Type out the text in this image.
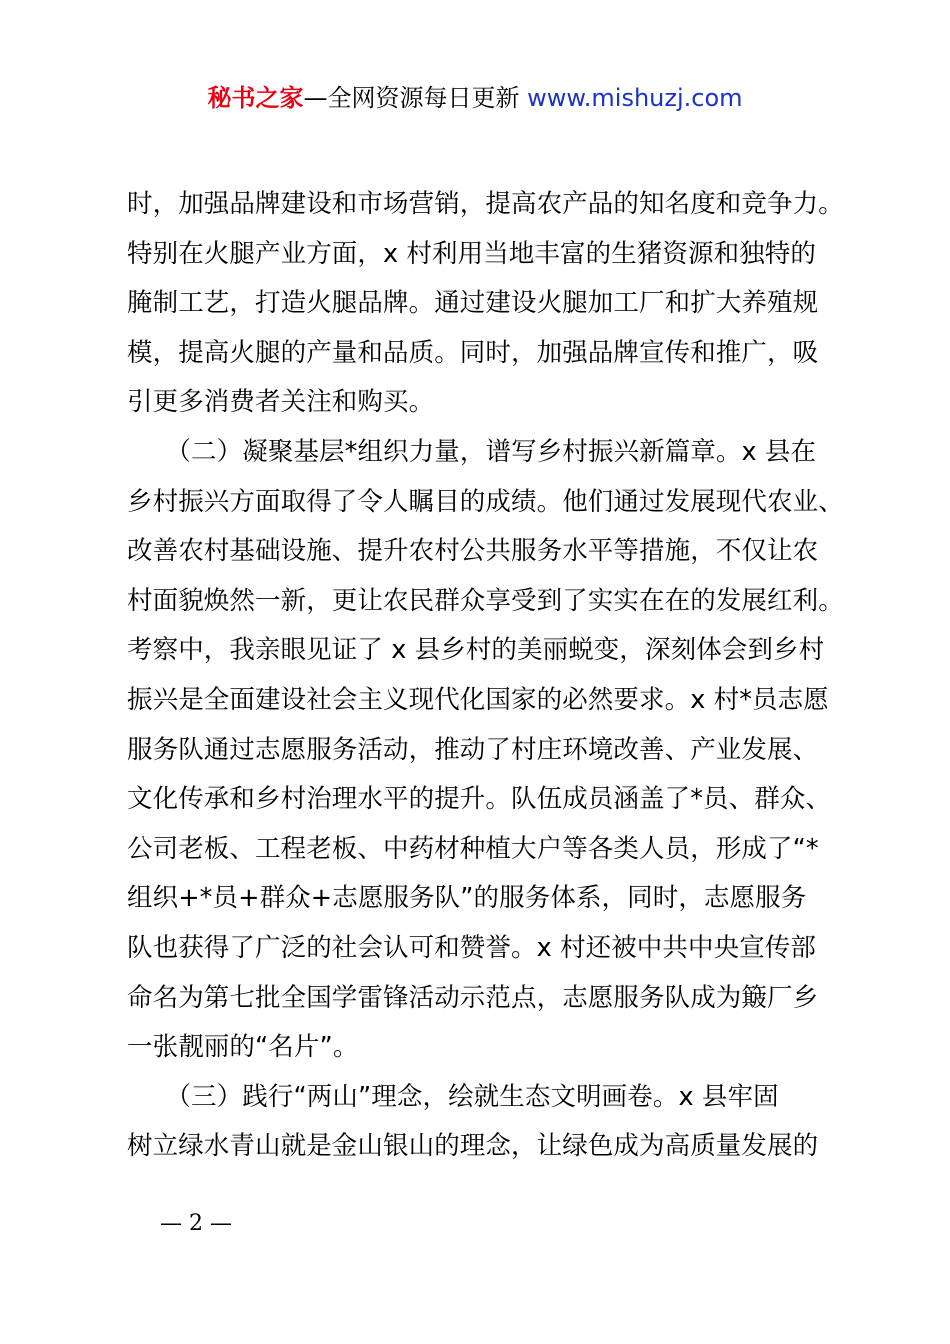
秘书之家—全网资源每日更新 www.mishuzj.com
时，加强品牌建设和市场营销，提高农产品的知名度和竞争力。
特别在火腿产业方面，x 村利用当地丰富的生猪资源和独特的
腌制工艺，打造火腿品牌。通过建设火腿加工厂和扩大养殖规
模，提高火腿的产量和品质。同时，加强品牌宣传和推广，吸
引更多消费者关注和购买。
　　（二）凝聚基层*组织力量，谱写乡村振兴新篇章。x 县在
乡村振兴方面取得了令人瞩目的成绩。他们通过发展现代农业、
改善农村基础设施、提升农村公共服务水平等措施，不仅让农
村面貌焕然一新，更让农民群众享受到了实实在在的发展红利。
考察中，我亲眼见证了 x 县乡村的美丽蜕变，深刻体会到乡村
振兴是全面建设社会主义现代化国家的必然要求。x 村*员志愿
服务队通过志愿服务活动，推动了村庄环境改善、产业发展、
文化传承和乡村治理水平的提升。队伍成员涵盖了*员、群众、
公司老板、工程老板、中药材种植大户等各类人员，形成了“*
组织+*员+群众+志愿服务队”的服务体系，同时，志愿服务
队也获得了广泛的社会认可和赞誉。x 村还被中共中央宣传部
命名为第七批全国学雷锋活动示范点，志愿服务队成为簸厂乡
一张靓丽的“名片”。
　　（三）践行“两山”理念，绘就生态文明画卷。x 县牢固
树立绿水青山就是金山银山的理念，让绿色成为高质量发展的
— 2 —
